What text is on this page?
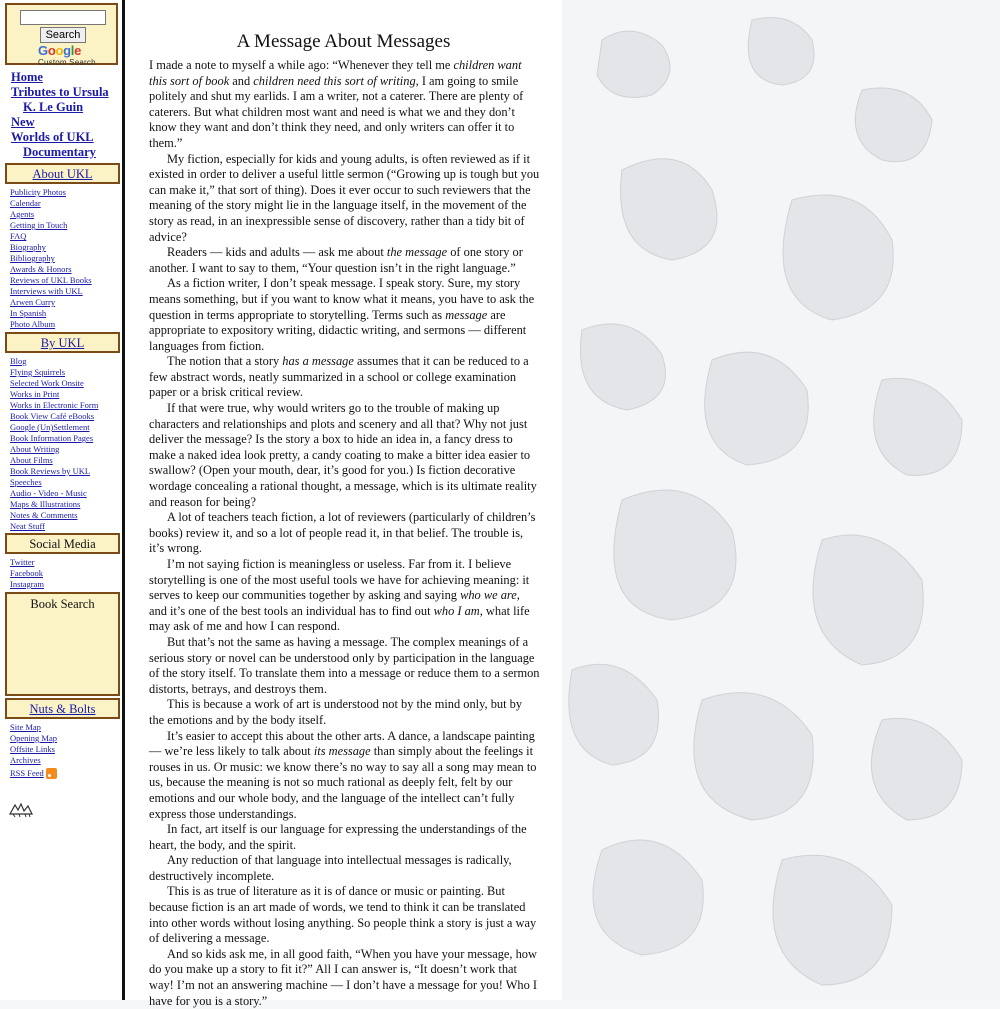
Search
Google
Custom Search
Home
Tributes to Ursula
K. Le Guin
New
Worlds of UKL
Documentary
About UKL
Publicity Photos
Calendar
Agents
Getting in Touch
FAQ
Biography
Bibliography
Awards & Honors
Reviews of UKL Books
Interviews with UKL
Arwen Curry
In Spanish
Photo Album
By UKL
Blog
Flying Squirrels
Selected Work Onsite
Works in Print
Works in Electronic Form
Book View Café eBooks
Google (Un)Settlement
Book Information Pages
About Writing
About Films
Book Reviews by UKL
Speeches
Audio - Video - Music
Maps & Illustrations
Notes & Comments
Neat Stuff
Social Media
Twitter
Facebook
Instagram
Book Search
Nuts & Bolts
Site Map
Opening Map
Offsite Links
Archives
RSS Feed
A Message About Messages

I made a note to myself a while ago: “Whenever they tell me children want this sort of book and children need this sort of writing, I am going to smile politely and shut my earlids. I am a writer, not a caterer. There are plenty of caterers. But what children most want and need is what we and they don’t know they want and don’t think they need, and only writers can offer it to them.”

My fiction, especially for kids and young adults, is often reviewed as if it existed in order to deliver a useful little sermon (“Growing up is tough but you can make it,” that sort of thing). Does it ever occur to such reviewers that the meaning of the story might lie in the language itself, in the movement of the story as read, in an inexpressible sense of discovery, rather than a tidy bit of advice?

Readers — kids and adults — ask me about the message of one story or another. I want to say to them, “Your question isn’t in the right language.”

As a fiction writer, I don’t speak message. I speak story. Sure, my story means something, but if you want to know what it means, you have to ask the question in terms appropriate to storytelling. Terms such as message are appropriate to expository writing, didactic writing, and sermons — different languages from fiction.

The notion that a story has a message assumes that it can be reduced to a few abstract words, neatly summarized in a school or college examination paper or a brisk critical review.

If that were true, why would writers go to the trouble of making up characters and relationships and plots and scenery and all that? Why not just deliver the message? Is the story a box to hide an idea in, a fancy dress to make a naked idea look pretty, a candy coating to make a bitter idea easier to swallow? (Open your mouth, dear, it’s good for you.) Is fiction decorative wordage concealing a rational thought, a message, which is its ultimate reality and reason for being?

A lot of teachers teach fiction, a lot of reviewers (particularly of children’s books) review it, and so a lot of people read it, in that belief. The trouble is, it’s wrong.

I’m not saying fiction is meaningless or useless. Far from it. I believe storytelling is one of the most useful tools we have for achieving meaning: it serves to keep our communities together by asking and saying who we are, and it’s one of the best tools an individual has to find out who I am, what life may ask of me and how I can respond.

But that’s not the same as having a message. The complex meanings of a serious story or novel can be understood only by participation in the language of the story itself. To translate them into a message or reduce them to a sermon distorts, betrays, and destroys them.

This is because a work of art is understood not by the mind only, but by the emotions and by the body itself.

It’s easier to accept this about the other arts. A dance, a landscape painting — we’re less likely to talk about its message than simply about the feelings it rouses in us. Or music: we know there’s no way to say all a song may mean to us, because the meaning is not so much rational as deeply felt, felt by our emotions and our whole body, and the language of the intellect can’t fully express those understandings.

In fact, art itself is our language for expressing the understandings of the heart, the body, and the spirit.

Any reduction of that language into intellectual messages is radically, destructively incomplete.

This is as true of literature as it is of dance or music or painting. But because fiction is an art made of words, we tend to think it can be translated into other words without losing anything. So people think a story is just a way of delivering a message.

And so kids ask me, in all good faith, “When you have your message, how do you make up a story to fit it?” All I can answer is, “It doesn’t work that way! I’m not an answering machine — I don’t have a message for you! Who I have for you is a story.”
